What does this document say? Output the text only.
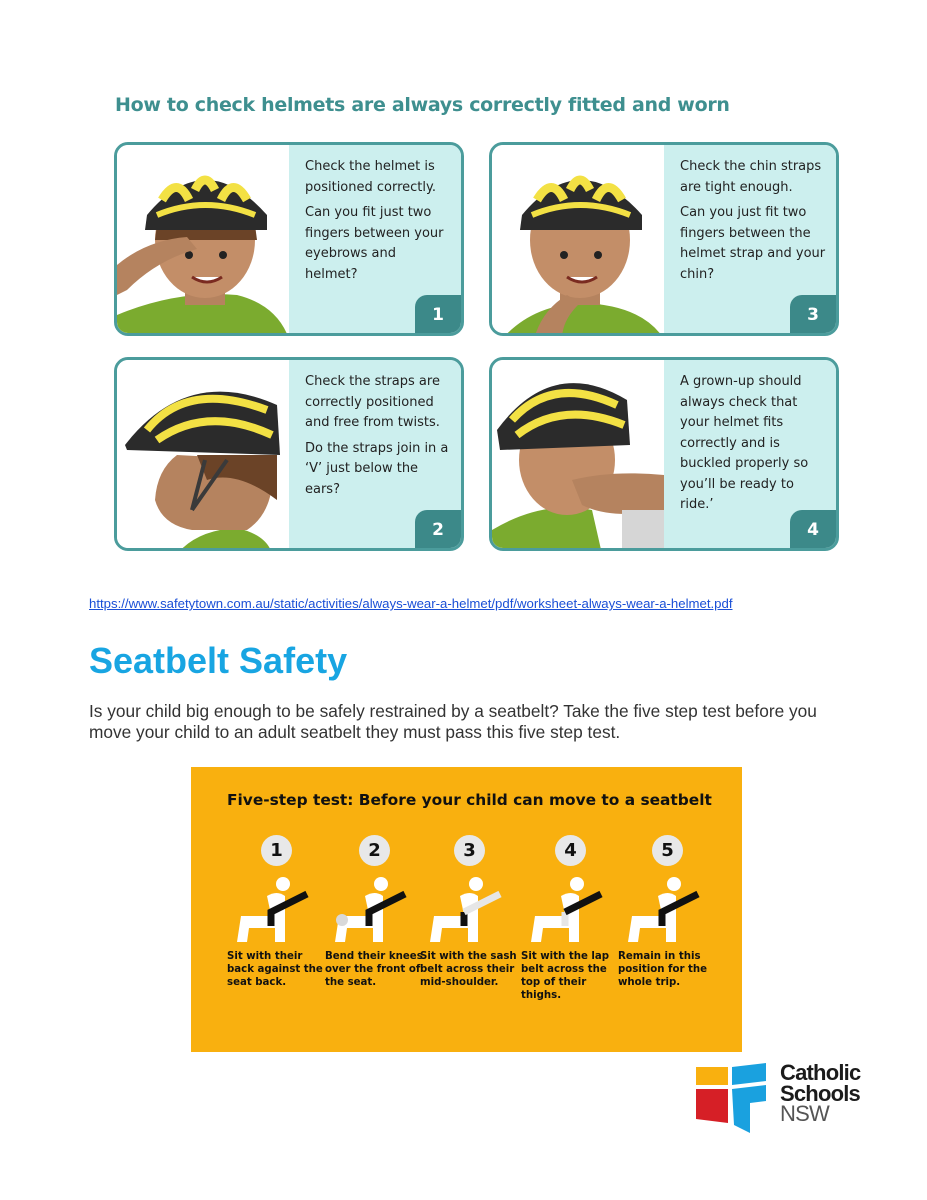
How to check helmets are always correctly fitted and worn

Check the helmet is positioned correctly.

Can you fit just two fingers between your eyebrows and helmet?

1

Check the chin straps are tight enough.

Can you just fit two fingers between the helmet strap and your chin?

3

Check the straps are correctly positioned and free from twists.

Do the straps join in a ‘V’ just below the ears?

2

A grown-up should always check that your helmet fits correctly and is buckled properly so you’ll be ready to ride.’

4
https://www.safetytown.com.au/static/activities/always-wear-a-helmet/pdf/worksheet-always-wear-a-helmet.pdf
Seatbelt Safety

Is your child big enough to be safely restrained by a seatbelt? Take the five step test before you move your child to an adult seatbelt they must pass this five step test.

Five-step test: Before your child can move to a seatbelt
1
Sit with their back against the seat back.
2
Bend their knees over the front of the seat.
3
Sit with the sash belt across their mid-shoulder.
4
Sit with the lap belt across the top of their thighs.
5
Remain in this position for the whole trip.
Catholic
Schools
NSW
